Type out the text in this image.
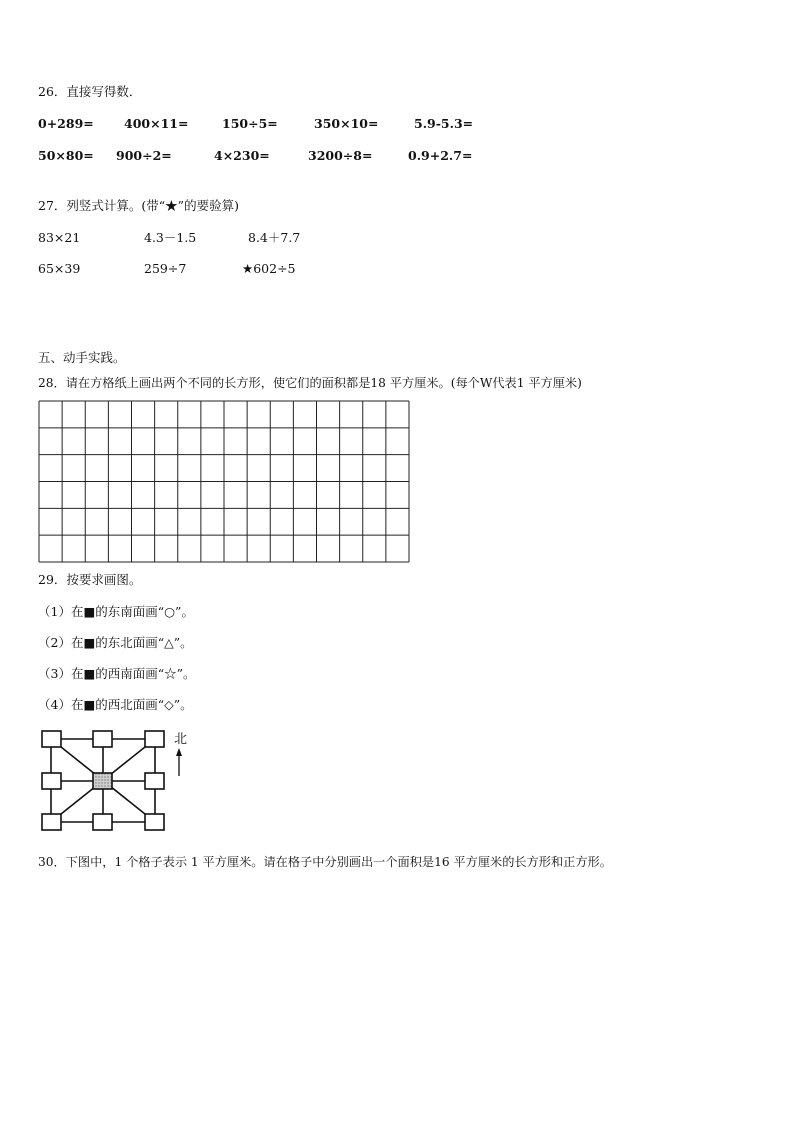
26．直接写得数．
0+289= 400×11=	150÷5=	350×10=	5.9-5.3=
50×80= 900÷2=	4×230=	3200÷8=	0.9+2.7=
27．列竖式计算。(带“★”的要验算)
83×21	4.3－1.5	8.4＋7.7
65×39	259÷7	★602÷5
五、动手实践。
28．请在方格纸上画出两个不同的长方形，使它们的面积都是18 平方厘米。(每个W代表1 平方厘米)
29．按要求画图。
（1）在■的东南面画“○”。
（2）在■的东北面画“△”。
（3）在■的西南面画“☆”。
（4）在■的西北面画“◇”。
北
30．下图中，1 个格子表示 1 平方厘米。请在格子中分别画出一个面积是16 平方厘米的长方形和正方形。
